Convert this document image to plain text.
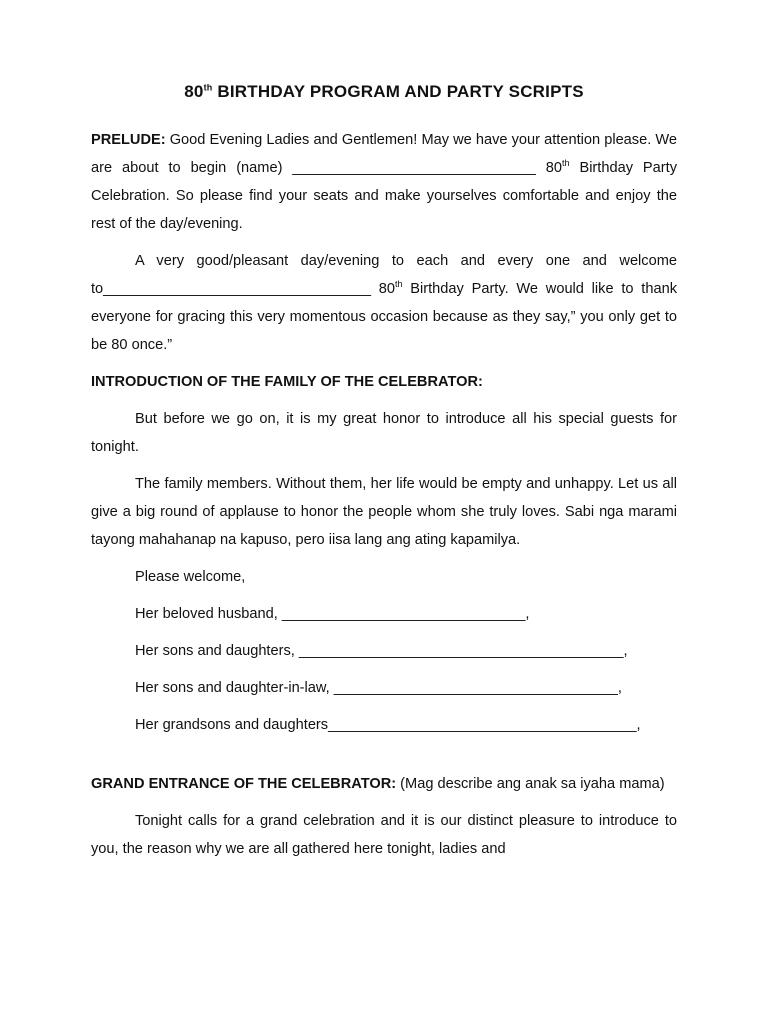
80th BIRTHDAY PROGRAM AND PARTY SCRIPTS

PRELUDE: Good Evening Ladies and Gentlemen! May we have your attention please. We are about to begin (name) ______________________________ 80th Birthday Party Celebration. So please find your seats and make yourselves comfortable and enjoy the rest of the day/evening.

A very good/pleasant day/evening to each and every one and welcome to_________________________________ 80th Birthday Party. We would like to thank everyone for gracing this very momentous occasion because as they say,” you only get to be 80 once.”

INTRODUCTION OF THE FAMILY OF THE CELEBRATOR:

But before we go on, it is my great honor to introduce all his special guests for tonight.

The family members. Without them, her life would be empty and unhappy. Let us all give a big round of applause to honor the people whom she truly loves. Sabi nga marami tayong mahahanap na kapuso, pero iisa lang ang ating kapamilya.

Please welcome,
Her beloved husband, ______________________________,
Her sons and daughters, ________________________________________,
Her sons and daughter-in-law, ___________________________________,
Her grandsons and daughters______________________________________,

GRAND ENTRANCE OF THE CELEBRATOR: (Mag describe ang anak sa iyaha mama)

Tonight calls for a grand celebration and it is our distinct pleasure to introduce to you, the reason why we are all gathered here tonight, ladies and
